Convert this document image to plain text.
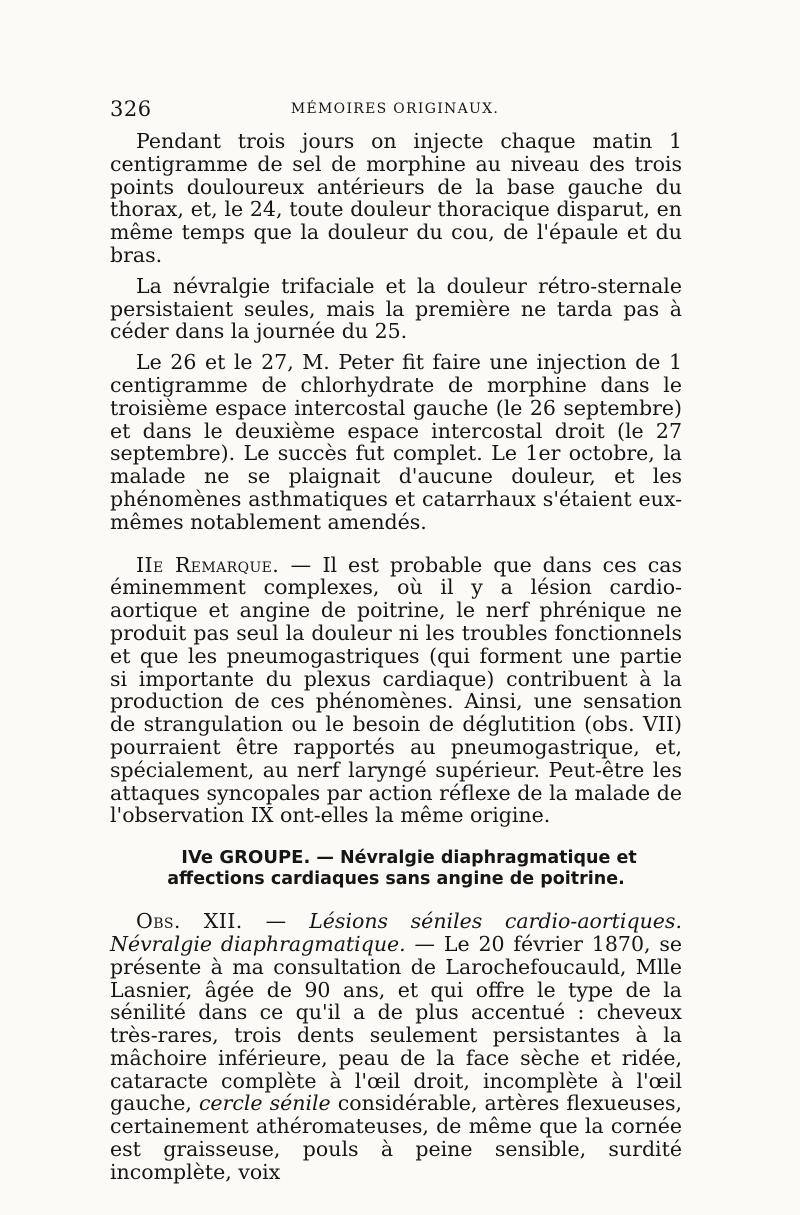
326	MÉMOIRES ORIGINAUX.

Pendant trois jours on injecte chaque matin 1 centigramme de sel de morphine au niveau des trois points douloureux antérieurs de la base gauche du thorax, et, le 24, toute douleur thoracique disparut, en même temps que la douleur du cou, de l'épaule et du bras.

La névralgie trifaciale et la douleur rétro-sternale persistaient seules, mais la première ne tarda pas à céder dans la journée du 25.

Le 26 et le 27, M. Peter fit faire une injection de 1 centigramme de chlorhydrate de morphine dans le troisième espace intercostal gauche (le 26 septembre) et dans le deuxième espace intercostal droit (le 27 septembre). Le succès fut complet. Le 1er octobre, la malade ne se plaignait d'aucune douleur, et les phénomènes asthmatiques et catarrhaux s'étaient eux-mêmes notablement amendés.

IIe Remarque. — Il est probable que dans ces cas éminemment complexes, où il y a lésion cardio-aortique et angine de poitrine, le nerf phrénique ne produit pas seul la douleur ni les troubles fonctionnels et que les pneumogastriques (qui forment une partie si importante du plexus cardiaque) contribuent à la production de ces phénomènes. Ainsi, une sensation de strangulation ou le besoin de déglutition (obs. VII) pourraient être rapportés au pneumogastrique, et, spécialement, au nerf laryngé supérieur. Peut-être les attaques syncopales par action réflexe de la malade de l'observation IX ont-elles la même origine.

IVe GROUPE. — Névralgie diaphragmatique et affections cardiaques sans angine de poitrine.

Obs. XII. — Lésions séniles cardio-aortiques. Névralgie diaphragmatique. — Le 20 février 1870, se présente à ma consultation de Larochefoucauld, Mlle Lasnier, âgée de 90 ans, et qui offre le type de la sénilité dans ce qu'il a de plus accentué : cheveux très-rares, trois dents seulement persistantes à la mâchoire inférieure, peau de la face sèche et ridée, cataracte complète à l'œil droit, incomplète à l'œil gauche, cercle sénile considérable, artères flexueuses, certainement athéromateuses, de même que la cornée est graisseuse, pouls à peine sensible, surdité incomplète, voix
